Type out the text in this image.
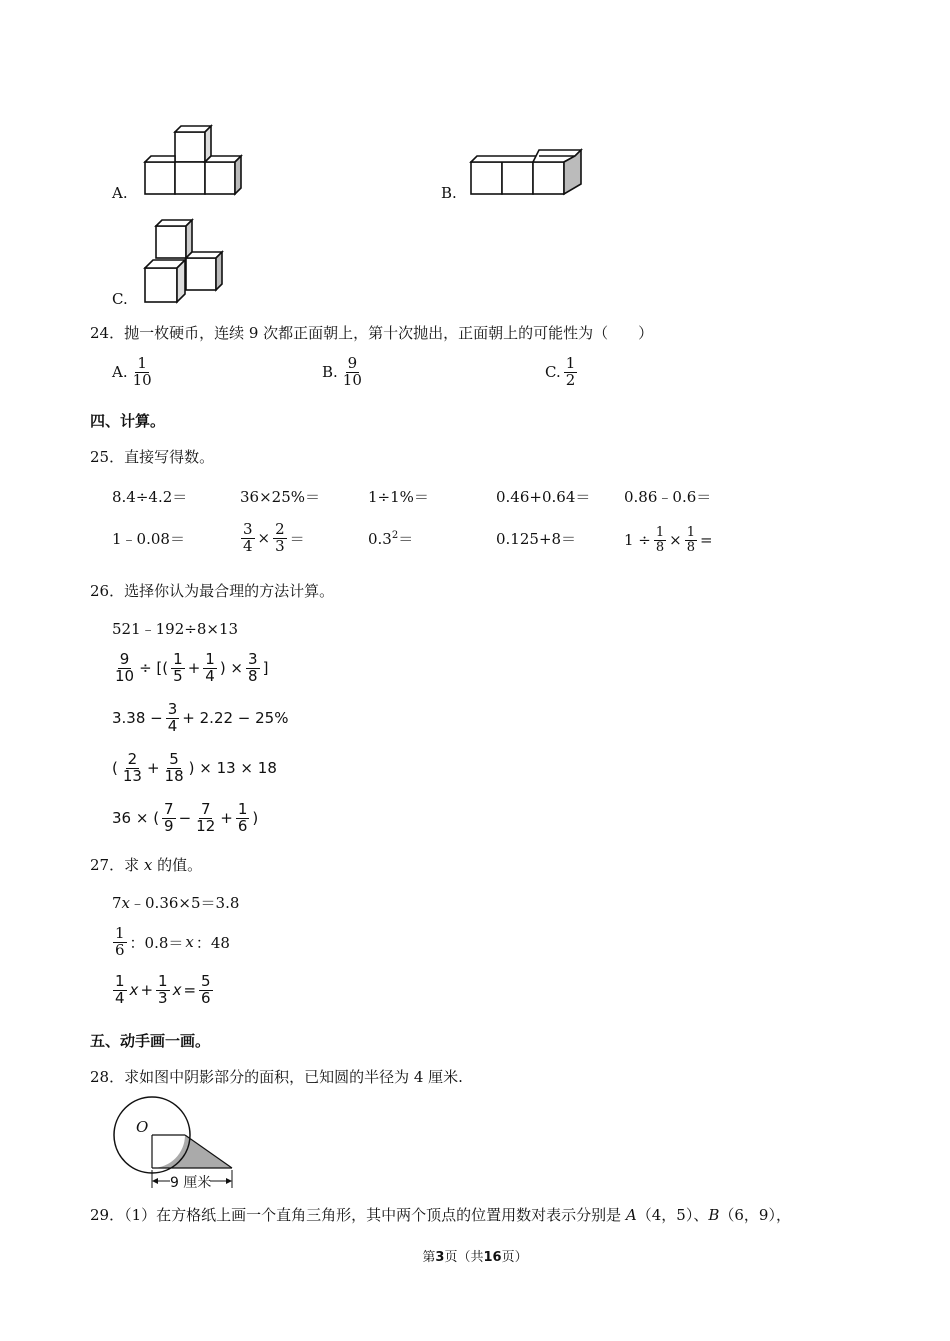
A.	B.
C.
24．抛一枚硬币，连续 9 次都正面朝上，第十次抛出，正面朝上的可能性为（　　）
A. $\frac{1}{10}$	B. $\frac{9}{10}$	C. $\frac{1}{2}$
四、计算。
25．直接写得数。
8.4÷4.2＝	36×25%＝	1÷1%＝	0.46+0.64＝ 0.86﹣0.6＝
1﹣0.08＝	$\frac{3}{4} \times \frac{2}{3}$ ＝	$0.3^2=$	0.125+8＝	$1 \div \frac{1}{8} \times \frac{1}{8}$ =
26．选择你认为最合理的方法计算。
521﹣192÷8×13
$\frac{9}{10}$ ÷ [( $\frac{1}{5} + \frac{1}{4}$ ) × $\frac{3}{8}$ ]
$3.38 - \frac{3}{4} + 2.22 - 25\%$
( $\frac{2}{13} + \frac{5}{18}$ ) × 13 × 18
36 × ( $\frac{7}{9} - \frac{7}{12} + \frac{1}{6}$ )
27．求 x 的值。
7x﹣0.36×5＝3.8
$\frac{1}{6}$ ：0.8＝ x ：48
$\frac{1}{4}$ $x + \frac{1}{3}$ $x = \frac{5}{6}$
五、动手画一画。
28．求如图中阴影部分的面积，已知圆的半径为 4 厘米.
O
9 厘米
29．（1）在方格纸上画一个直角三角形，其中两个顶点的位置用数对表示分别是 A（4，5）、B（6，9），
第3页（共16页）
